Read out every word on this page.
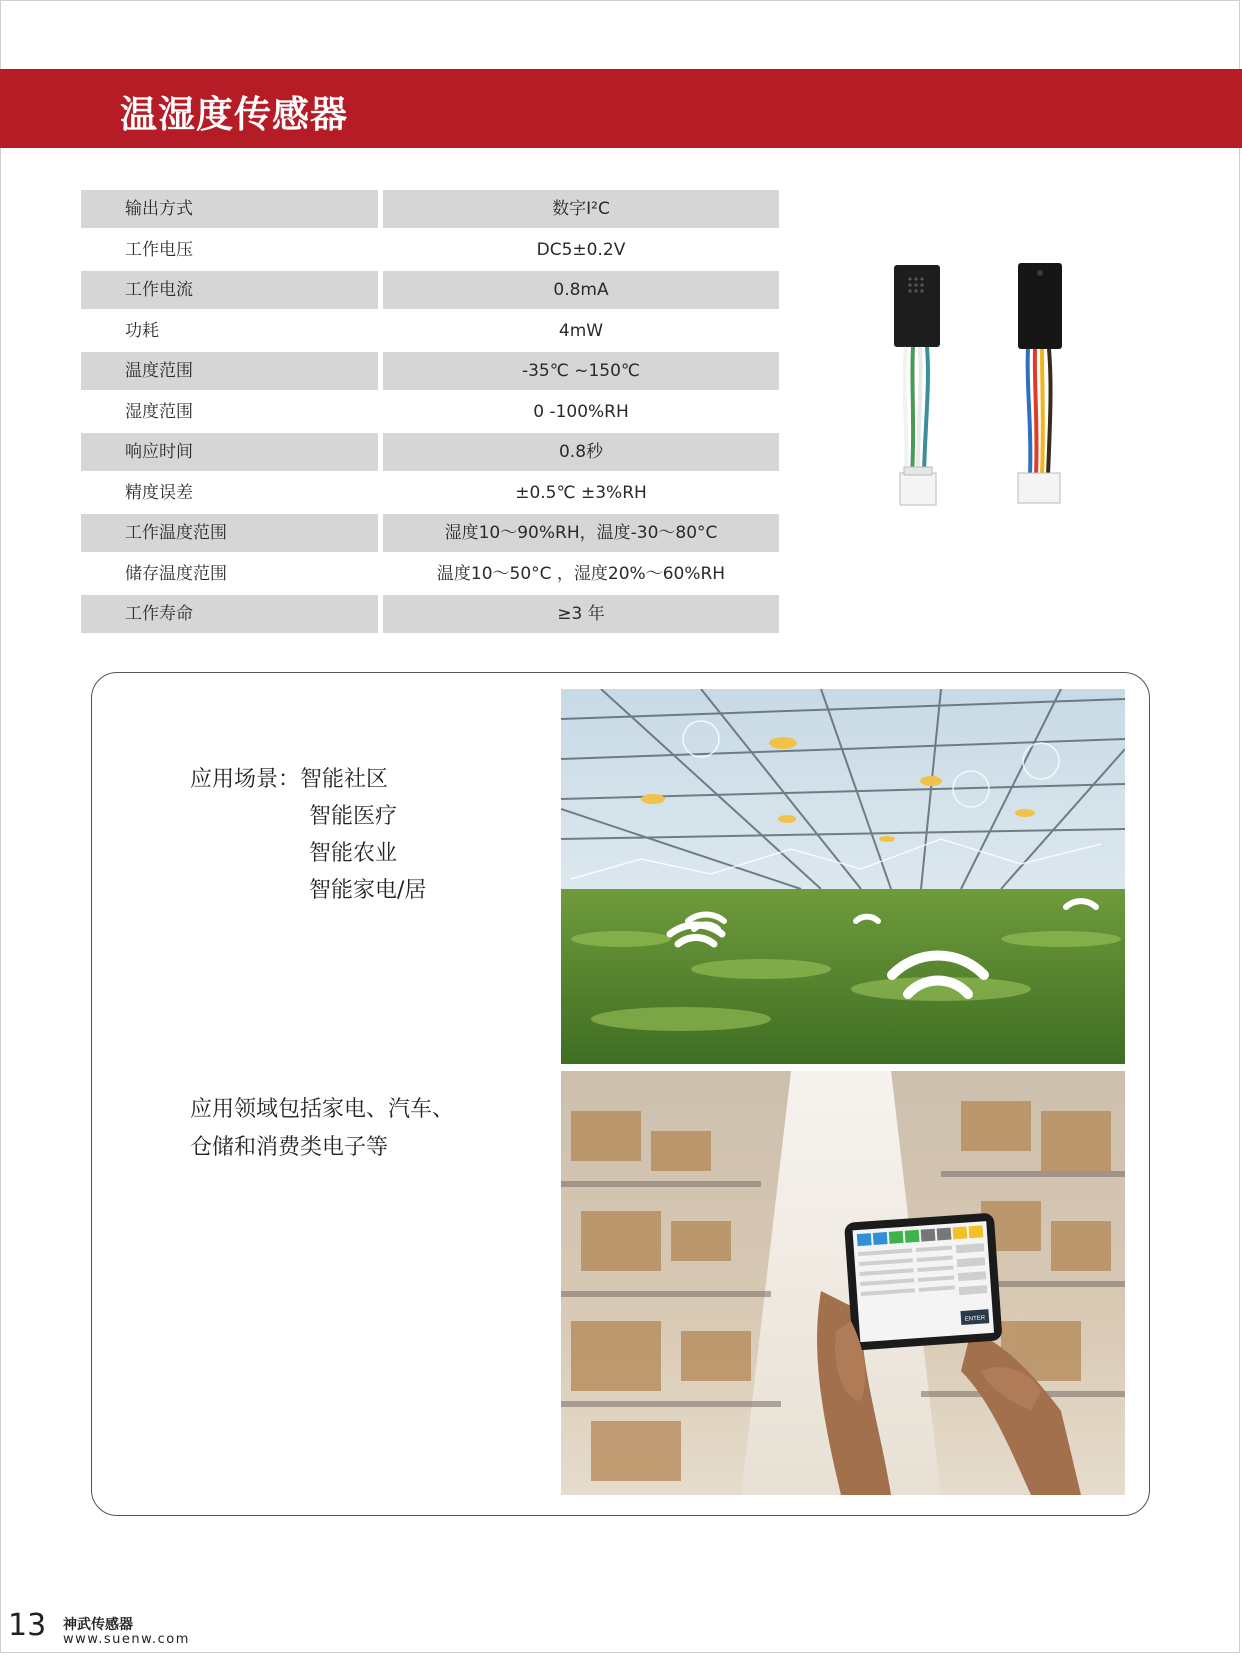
温湿度传感器
输出方式	数字I²C
工作电压	DC5±0.2V
工作电流	0.8mA
功耗	4mW
温度范围	-35℃ ~150℃
湿度范围	0 -100%RH
响应时间	0.8秒
精度误差	±0.5℃ ±3%RH
工作温度范围	湿度10～90%RH，温度-30～80°C
储存温度范围	温度10～50°C ，湿度20%～60%RH
工作寿命	≥3 年
应用场景：智能社区
智能医疗
智能农业
智能家电/居
应用领域包括家电、汽车、
仓储和消费类电子等
ENTER
13 神武传感器
www.suenw.com
